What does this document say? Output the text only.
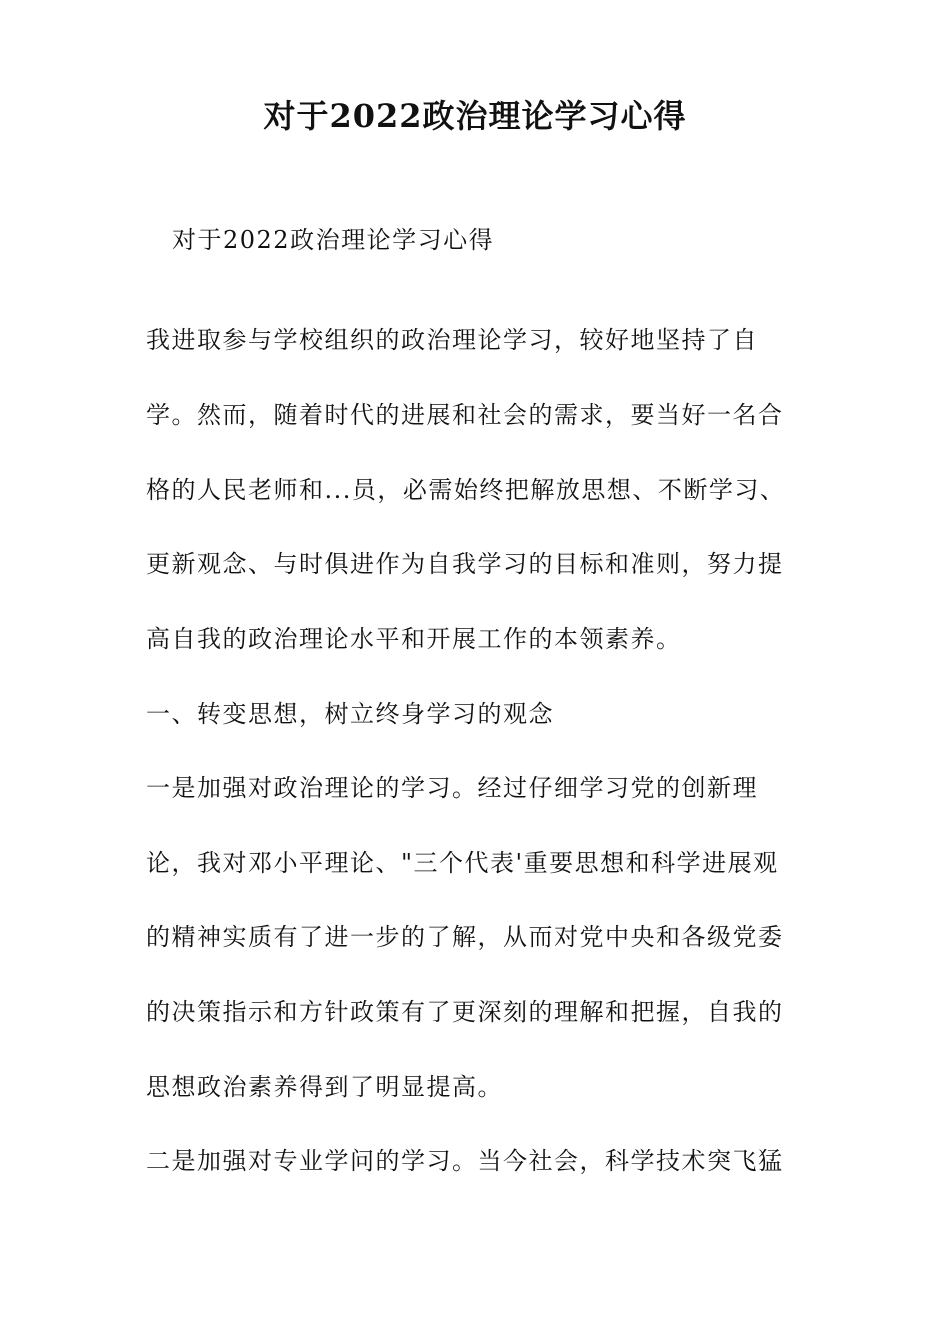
对于2022政治理论学习心得
对于2022政治理论学习心得
我进取参与学校组织的政治理论学习，较好地坚持了自
学。然而，随着时代的进展和社会的需求，要当好一名合
格的人民老师和...员，必需始终把解放思想、不断学习、
更新观念、与时俱进作为自我学习的目标和准则，努力提
高自我的政治理论水平和开展工作的本领素养。
一、转变思想，树立终身学习的观念
一是加强对政治理论的学习。经过仔细学习党的创新理
论，我对邓小平理论、"三个代表'重要思想和科学进展观
的精神实质有了进一步的了解，从而对党中央和各级党委
的决策指示和方针政策有了更深刻的理解和把握，自我的
思想政治素养得到了明显提高。
二是加强对专业学问的学习。当今社会，科学技术突飞猛
